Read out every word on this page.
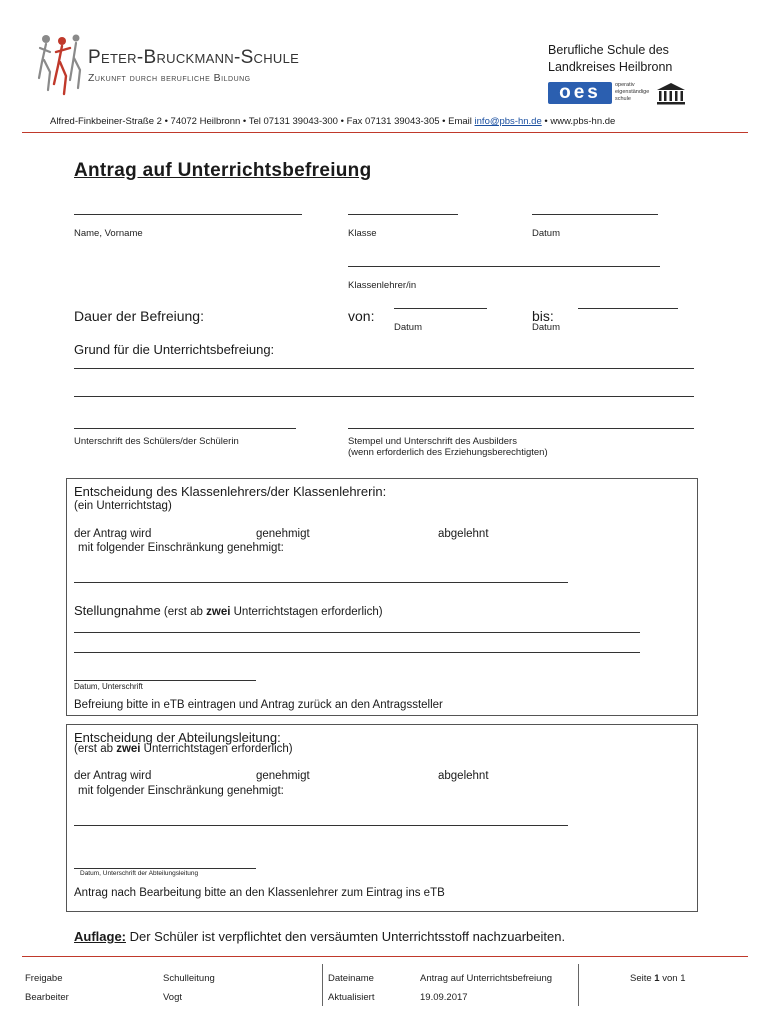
Peter-Bruckmann-Schule
Zukunft durch berufliche Bildung
Berufliche Schule des
Landkreises Heilbronn
oes	operativ
eigenständige
schule
Alfred-Finkbeiner-Straße 2 • 74072 Heilbronn • Tel 07131 39043-300 • Fax 07131 39043-305 • Email info@pbs-hn.de • www.pbs-hn.de
Antrag auf Unterrichtsbefreiung
Name, Vorname	Klasse	Datum
Klassenlehrer/in
Dauer der Befreiung:	von:
Datum
bis:
Datum
Grund für die Unterrichtsbefreiung:
Unterschrift des Schülers/der Schülerin	Stempel und Unterschrift des Ausbilders
(wenn erforderlich des Erziehungsberechtigten)
Entscheidung des Klassenlehrers/der Klassenlehrerin:
(ein Unterrichtstag)
der Antrag wird	genehmigt	abgelehnt
mit folgender Einschränkung genehmigt:
Stellungnahme (erst ab zwei Unterrichtstagen erforderlich)
Datum, Unterschrift
Befreiung bitte in eTB eintragen und Antrag zurück an den Antragssteller
Entscheidung der Abteilungsleitung:
(erst ab zwei Unterrichtstagen erforderlich)
der Antrag wird	genehmigt	abgelehnt
mit folgender Einschränkung genehmigt:
Datum, Unterschrift der Abteilungsleitung
Antrag nach Bearbeitung bitte an den Klassenlehrer zum Eintrag ins eTB
Auflage: Der Schüler ist verpflichtet den versäumten Unterrichtsstoff nachzuarbeiten.
Freigabe	Schulleitung
Bearbeiter	Vogt
Dateiname	Antrag auf Unterrichtsbefreiung
Aktualisiert	19.09.2017
Seite 1 von 1
